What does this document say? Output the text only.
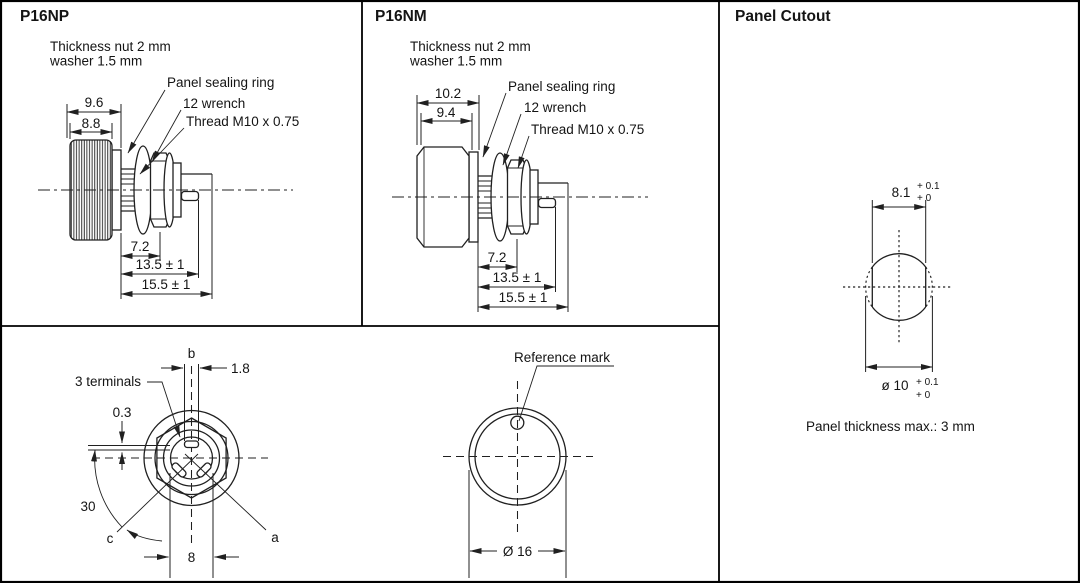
P16NP
Thickness nut 2 mm
washer 1.5 mm
Panel sealing ring
12 wrench
Thread M10 x 0.75
9.6
8.8
7.2
13.5 ± 1
15.5 ± 1
P16NM
Thickness nut 2 mm
washer 1.5 mm
Panel sealing ring
12 wrench
Thread M10 x 0.75
10.2
9.4
7.2
13.5 ± 1
15.5 ± 1
Panel Cutout
8.1 + 0.1
+ 0
ø 10 + 0.1
+ 0
Panel thickness max.: 3 mm
30
3 terminals
0.3
b
1.8
8
c	a
Reference mark
Ø 16
